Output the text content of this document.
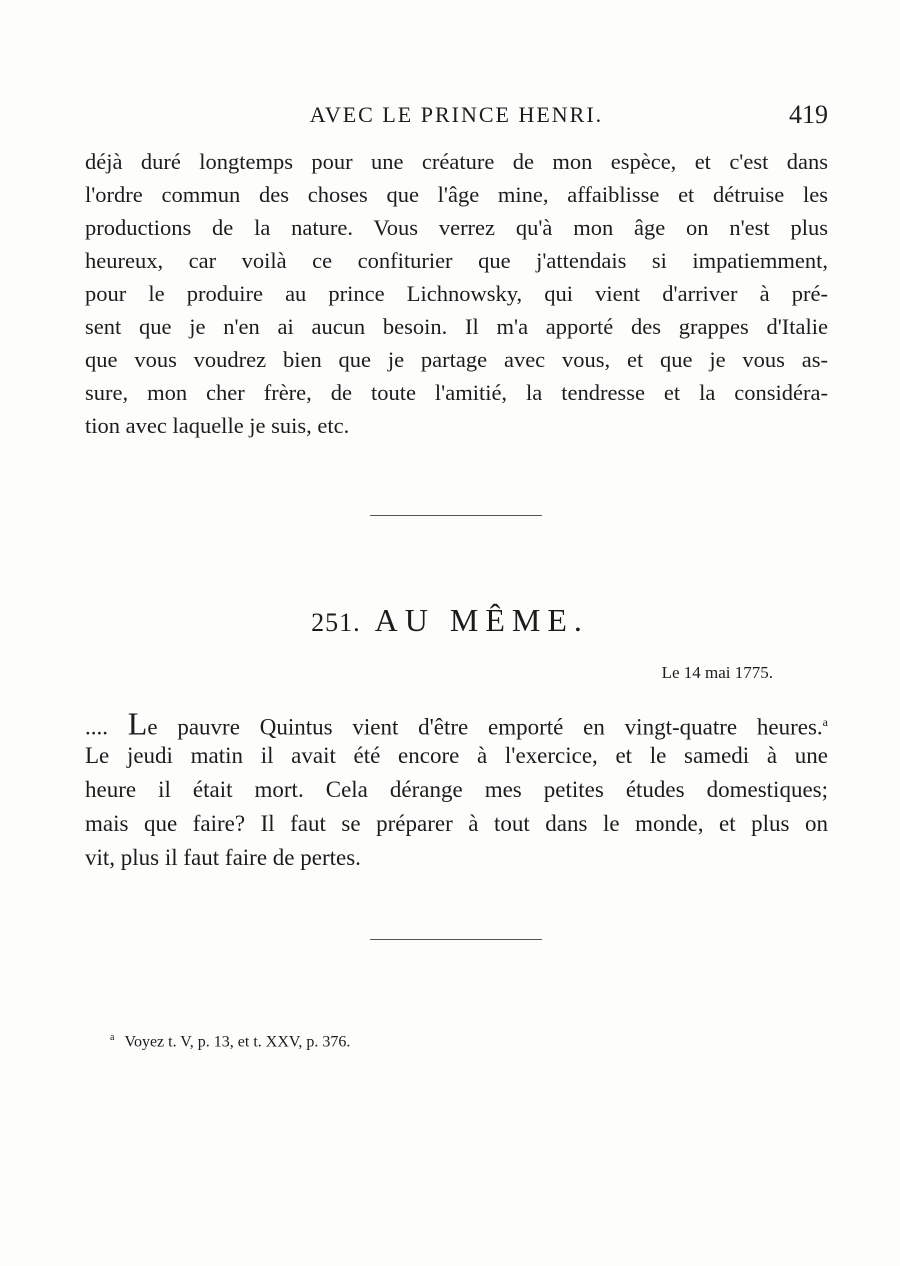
AVEC LE PRINCE HENRI.	419
déjà duré longtemps pour une créature de mon espèce, et c'est dans
l'ordre commun des choses que l'âge mine, affaiblisse et détruise les
productions de la nature. Vous verrez qu'à mon âge on n'est plus
heureux, car voilà ce confiturier que j'attendais si impatiemment,
pour le produire au prince Lichnowsky, qui vient d'arriver à pré-
sent que je n'en ai aucun besoin. Il m'a apporté des grappes d'Italie
que vous voudrez bien que je partage avec vous, et que je vous as-
sure, mon cher frère, de toute l'amitié, la tendresse et la considéra-
tion avec laquelle je suis, etc.
251. AU MÊME.
Le 14 mai 1775.
.... Le pauvre Quintus vient d'être emporté en vingt-quatre heures.$^a$
Le jeudi matin il avait été encore à l'exercice, et le samedi à une
heure il était mort. Cela dérange mes petites études domestiques;
mais que faire? Il faut se préparer à tout dans le monde, et plus on
vit, plus il faut faire de pertes.
$^a$ Voyez t. V, p. 13, et t. XXV, p. 376.
